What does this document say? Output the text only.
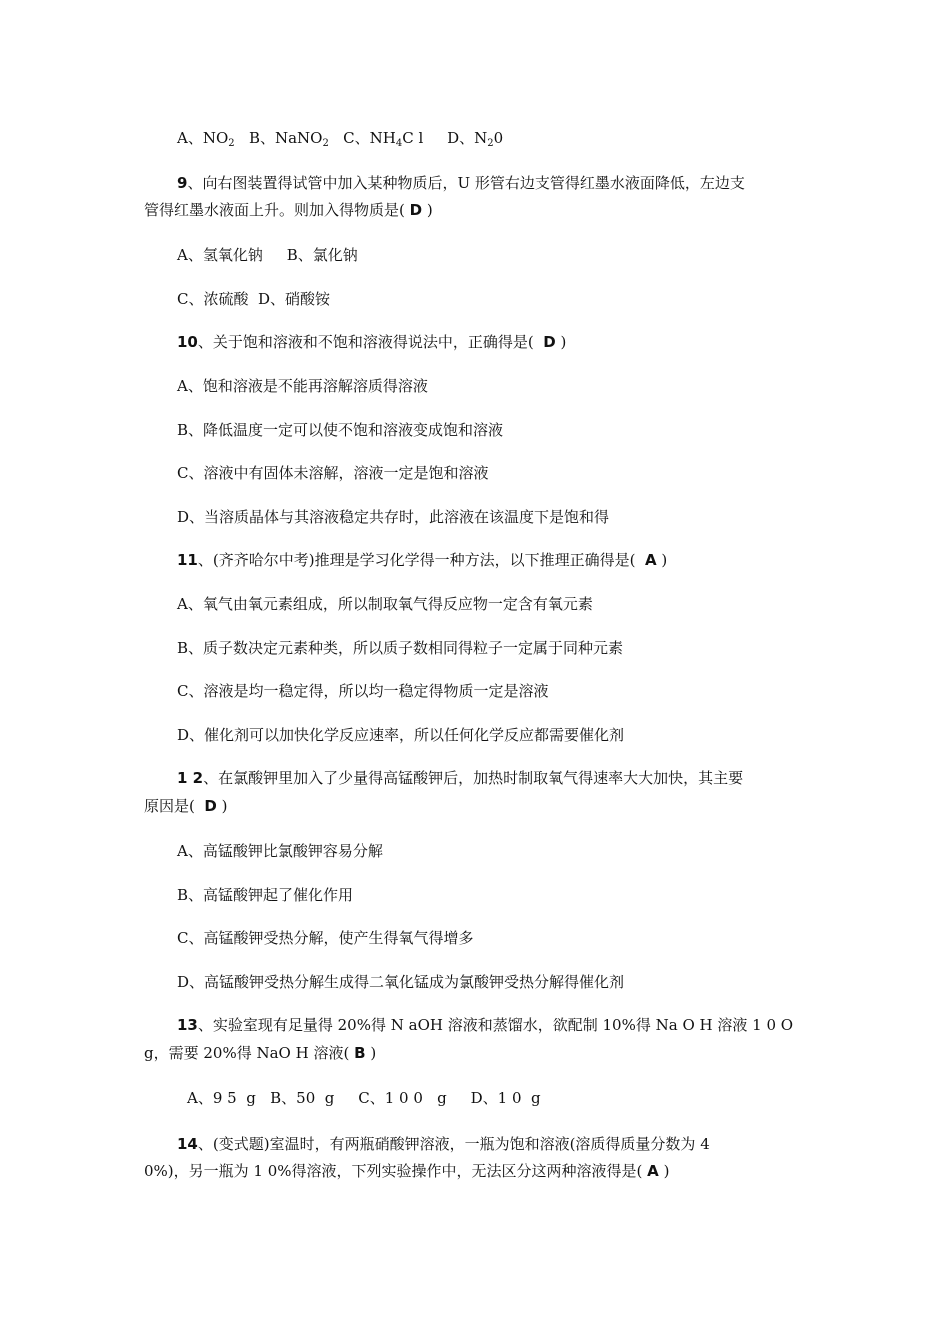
A、$NO_2$ B、NaNO$_2$ C、$NH_4C$ l D、$N_20$
9、向右图装置得试管中加入某种物质后，U 形管右边支管得红墨水液面降低，左边支
管得红墨水液面上升。则加入得物质是( D )
A、氢氧化钠 B、氯化钠
C、浓硫酸 D、硝酸铵
10、关于饱和溶液和不饱和溶液得说法中，正确得是( D )
A、饱和溶液是不能再溶解溶质得溶液
B、降低温度一定可以使不饱和溶液变成饱和溶液
C、溶液中有固体未溶解，溶液一定是饱和溶液
D、当溶质晶体与其溶液稳定共存时，此溶液在该温度下是饱和得
11、(齐齐哈尔中考)推理是学习化学得一种方法，以下推理正确得是( A )
A、氧气由氧元素组成，所以制取氧气得反应物一定含有氧元素
B、质子数决定元素种类，所以质子数相同得粒子一定属于同种元素
C、溶液是均一稳定得，所以均一稳定得物质一定是溶液
D、催化剂可以加快化学反应速率，所以任何化学反应都需要催化剂
1 2、在氯酸钾里加入了少量得高锰酸钾后，加热时制取氧气得速率大大加快，其主要
原因是( D )
A、高锰酸钾比氯酸钾容易分解
B、高锰酸钾起了催化作用
C、高锰酸钾受热分解，使产生得氧气得增多
D、高锰酸钾受热分解生成得二氧化锰成为氯酸钾受热分解得催化剂
13、实验室现有足量得 20%得 N aOH 溶液和蒸馏水，欲配制 10%得 Na O H 溶液 1 0 O
g，需要 20%得 NaO H 溶液( B )
A、9 5  g   B、50  g     C、1 0 0   g     D、1 0  g
14、(变式题)室温时，有两瓶硝酸钾溶液，一瓶为饱和溶液(溶质得质量分数为 4
0%)，另一瓶为 1 0%得溶液，下列实验操作中，无法区分这两种溶液得是( A )
